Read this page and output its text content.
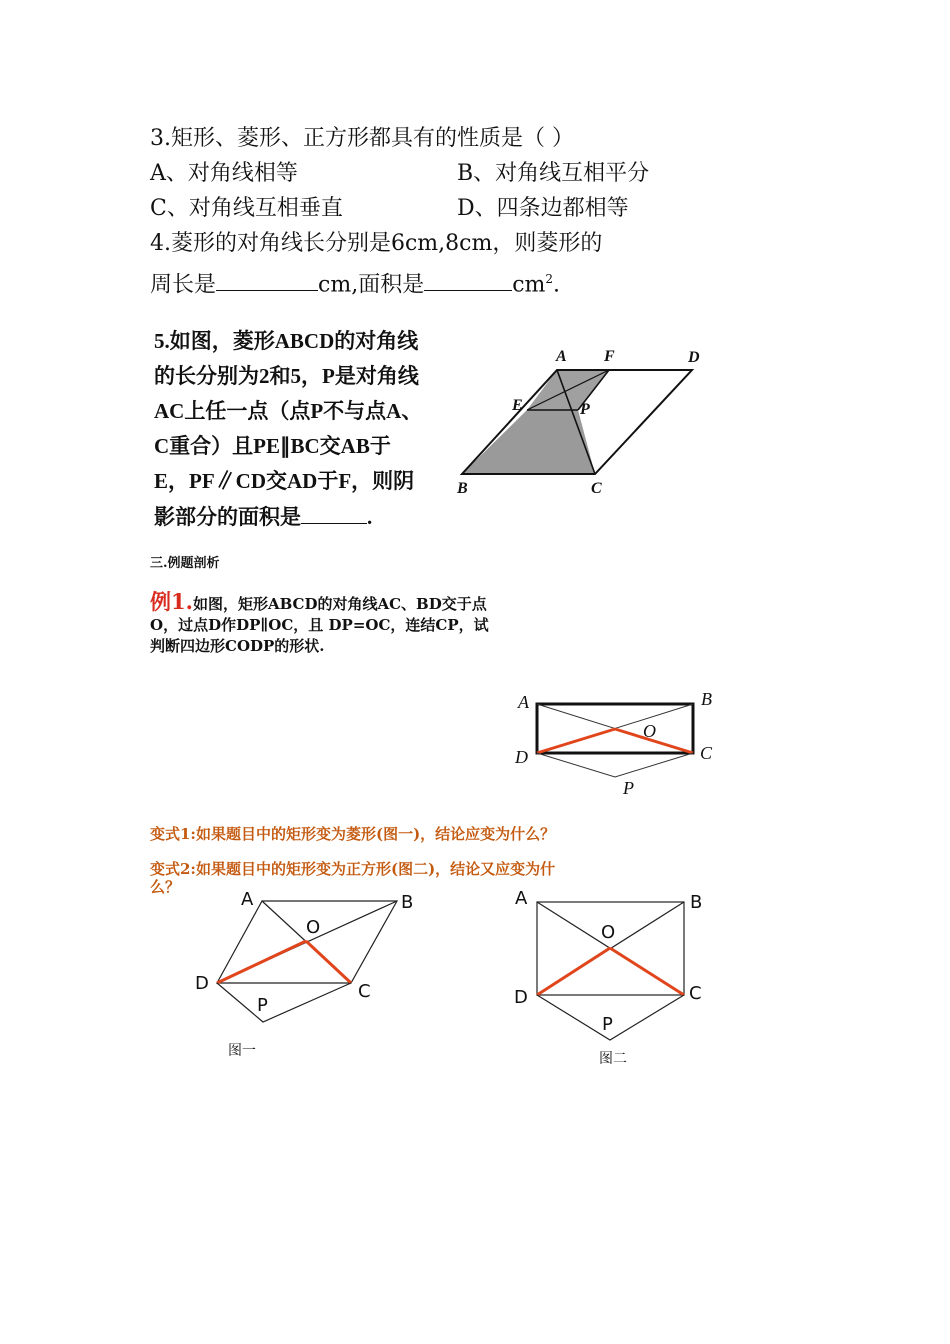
3.矩形、菱形、正方形都具有的性质是（ ）
A、对角线相等	B、对角线互相平分
C、对角线互相垂直	D、四条边都相等
4.菱形的对角线长分别是6cm,8cm，则菱形的
周长是	cm,面积是	$cm^2$.
5.如图，菱形ABCD的对角线
的长分别为2和5，P是对角线
AC上任一点（点P不与点A、
C重合）且PE∥BC交AB于
E，PF∥CD交AD于F，则阴
影部分的面积是	.
A F	D
E	P
B	C
三.例题剖析
例1.如图，矩形ABCD的对角线AC、BD交于点
O，过点D作DP∥OC，且 DP=OC，连结CP，试
判断四边形CODP的形状.
A	B
O
D	C
P
变式1:如果题目中的矩形变为菱形(图一)，结论应变为什么？
变式2:如果题目中的矩形变为正方形(图二)，结论又应变为什
么？
A	B
O
D	C
P
图一
A	B
O
D	C
P
图二
